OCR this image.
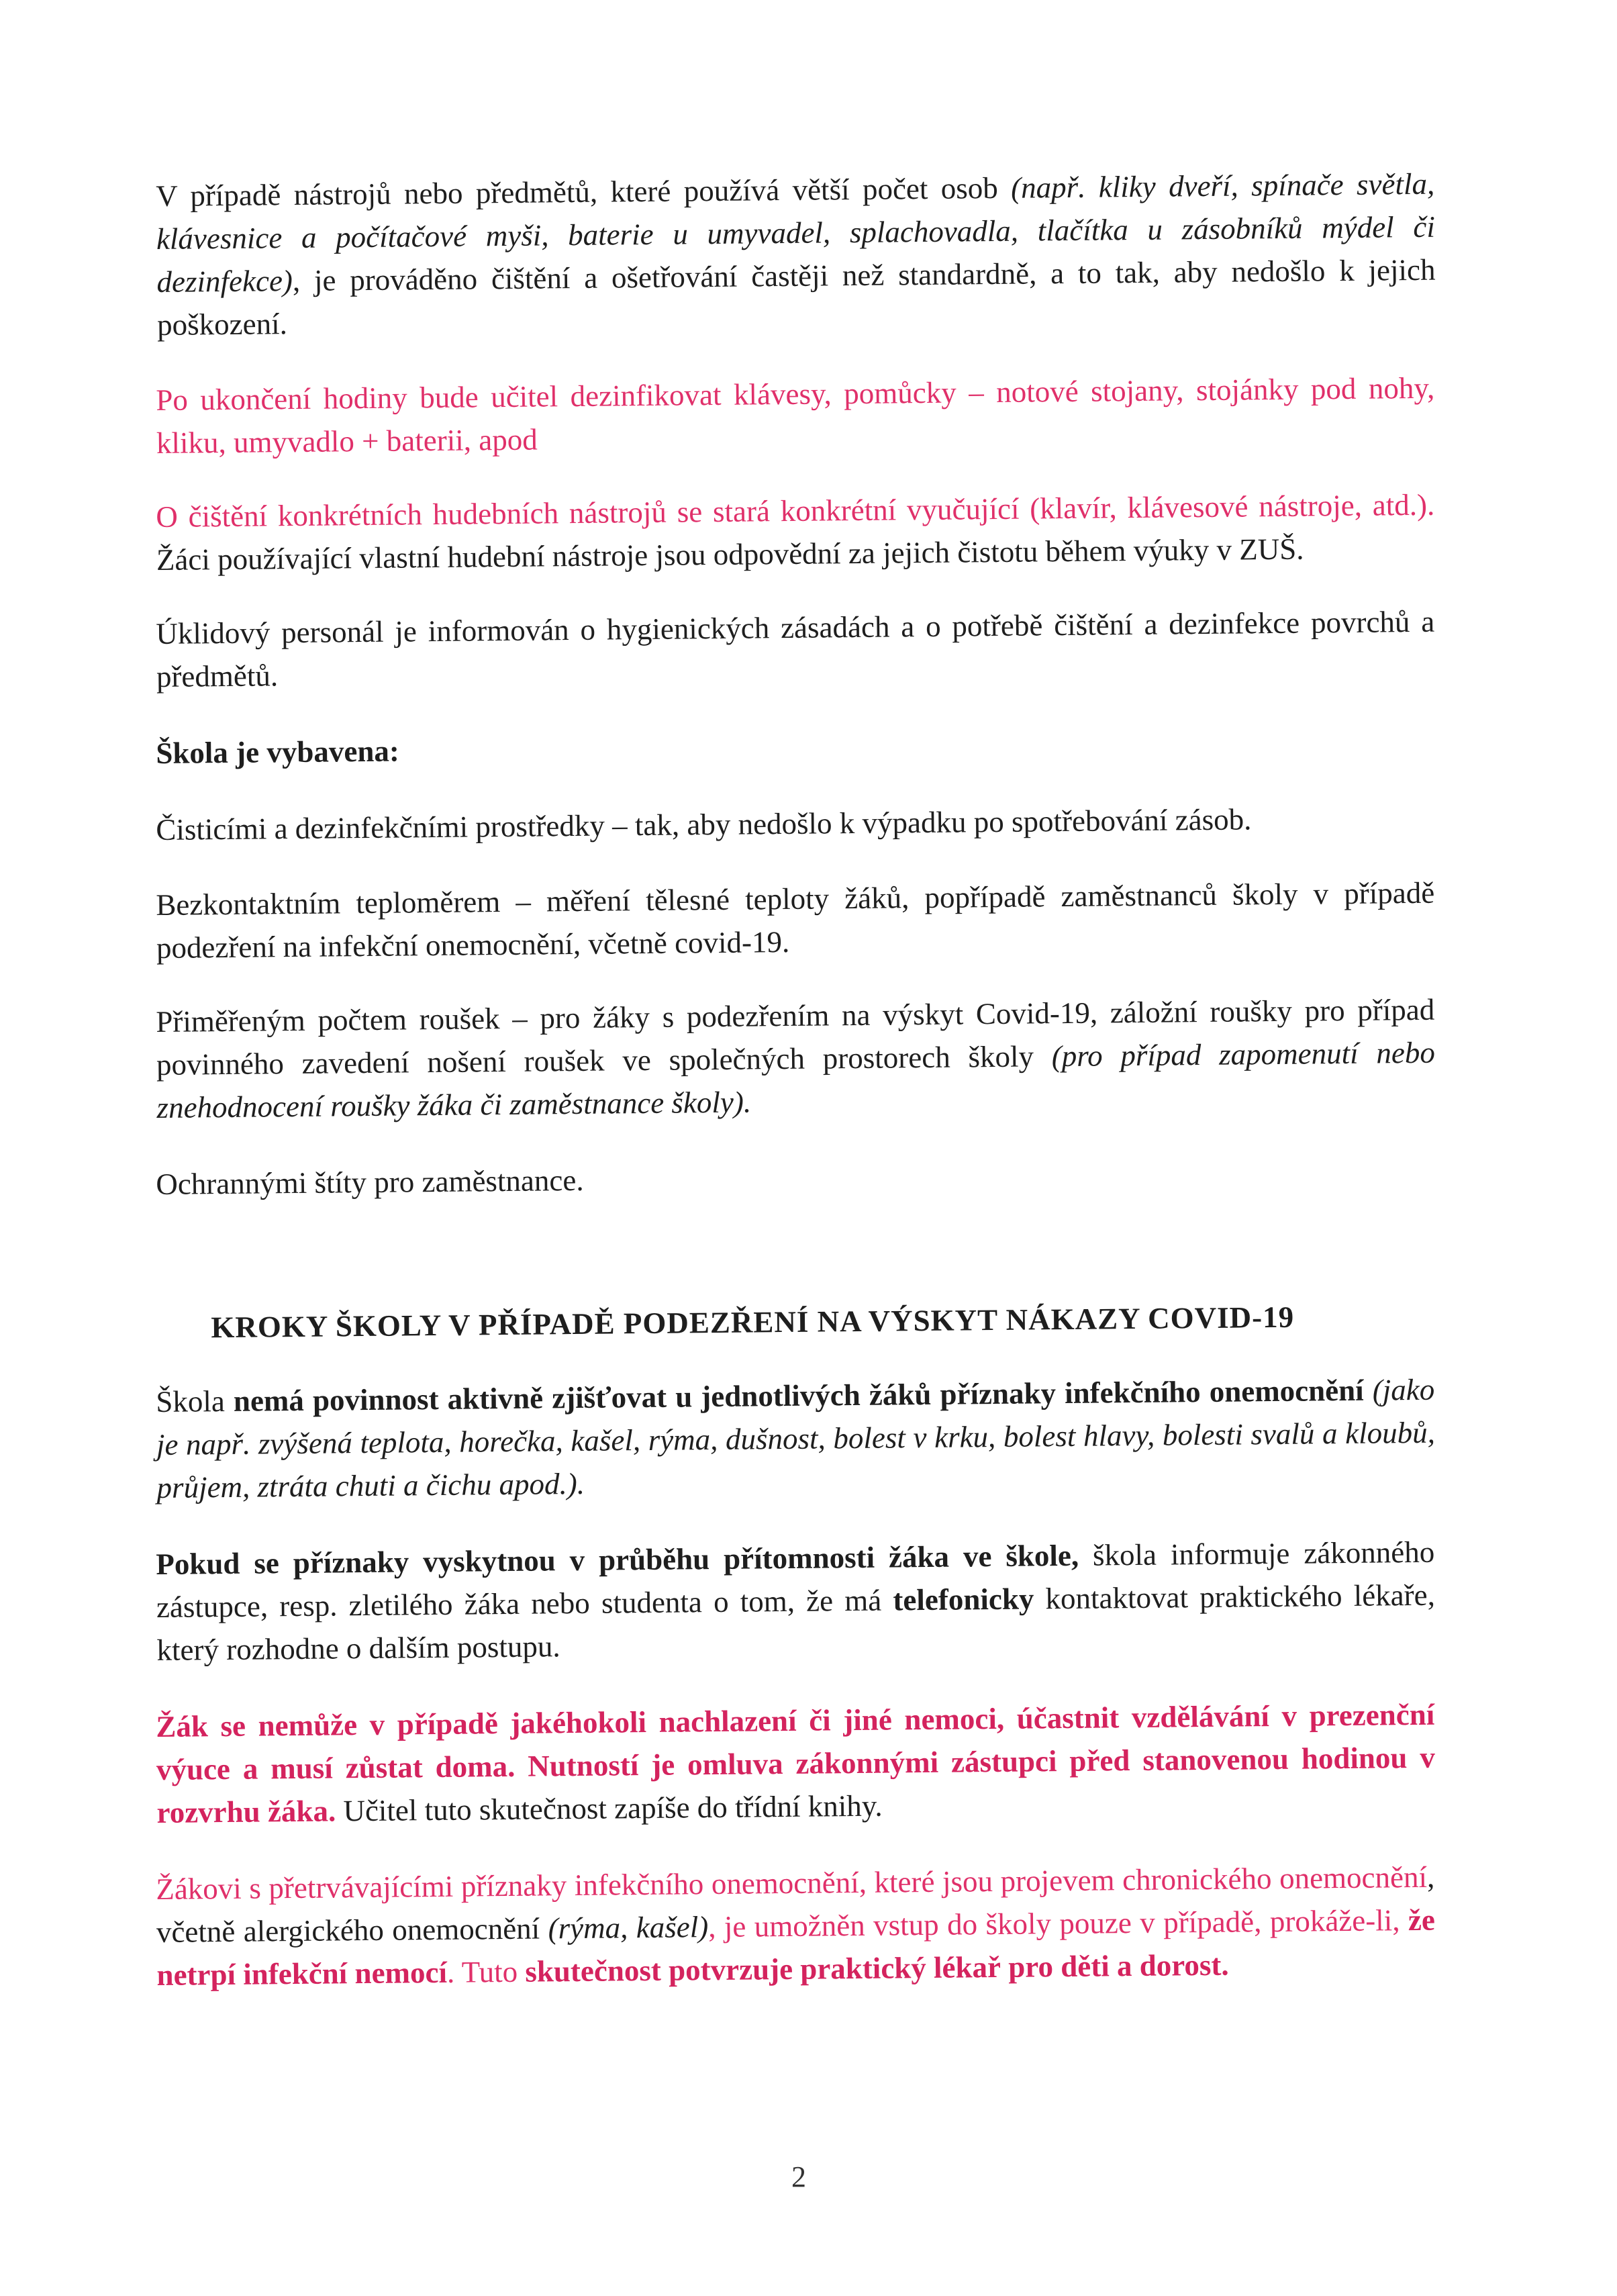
V případě nástrojů nebo předmětů, které používá větší počet osob (např. kliky dveří, spínače světla, klávesnice a počítačové myši, baterie u umyvadel, splachovadla, tlačítka u zásobníků mýdel či dezinfekce), je prováděno čištění a ošetřování častěji než standardně, a to tak, aby nedošlo k jejich poškození.

Po ukončení hodiny bude učitel dezinfikovat klávesy, pomůcky – notové stojany, stojánky pod nohy, kliku, umyvadlo + baterii, apod

O čištění konkrétních hudebních nástrojů se stará konkrétní vyučující (klavír, klávesové nástroje, atd.). Žáci používající vlastní hudební nástroje jsou odpovědní za jejich čistotu během výuky v ZUŠ.

Úklidový personál je informován o hygienických zásadách a o potřebě čištění a dezinfekce povrchů a předmětů.

Škola je vybavena:

Čisticími a dezinfekčními prostředky – tak, aby nedošlo k výpadku po spotřebování zásob.

Bezkontaktním teploměrem – měření tělesné teploty žáků, popřípadě zaměstnanců školy v případě podezření na infekční onemocnění, včetně covid-19.

Přiměřeným počtem roušek – pro žáky s podezřením na výskyt Covid-19, záložní roušky pro případ povinného zavedení nošení roušek ve společných prostorech školy (pro případ zapomenutí nebo znehodnocení roušky žáka či zaměstnance školy).

Ochrannými štíty pro zaměstnance.

KROKY ŠKOLY V PŘÍPADĚ PODEZŘENÍ NA VÝSKYT NÁKAZY COVID-19

Škola nemá povinnost aktivně zjišťovat u jednotlivých žáků příznaky infekčního onemocnění (jako je např. zvýšená teplota, horečka, kašel, rýma, dušnost, bolest v krku, bolest hlavy, bolesti svalů a kloubů, průjem, ztráta chuti a čichu apod.).

Pokud se příznaky vyskytnou v průběhu přítomnosti žáka ve škole, škola informuje zákonného zástupce, resp. zletilého žáka nebo studenta o tom, že má telefonicky kontaktovat praktického lékaře, který rozhodne o dalším postupu.

Žák se nemůže v případě jakéhokoli nachlazení či jiné nemoci, účastnit vzdělávání v prezenční výuce a musí zůstat doma. Nutností je omluva zákonnými zástupci před stanovenou hodinou v rozvrhu žáka. Učitel tuto skutečnost zapíše do třídní knihy.

Žákovi s přetrvávajícími příznaky infekčního onemocnění, které jsou projevem chronického onemocnění, včetně alergického onemocnění (rýma, kašel), je umožněn vstup do školy pouze v případě, prokáže-li, že netrpí infekční nemocí. Tuto skutečnost potvrzuje praktický lékař pro děti a dorost.

2
